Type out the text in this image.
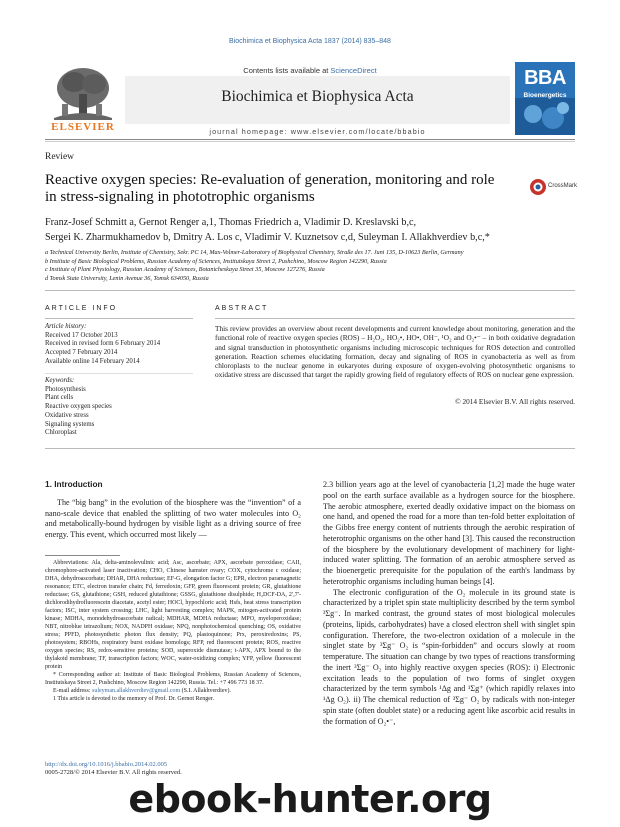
Biochimica et Biophysica Acta 1837 (2014) 835–848
Contents lists available at ScienceDirect
Biochimica et Biophysica Acta
journal homepage: www.elsevier.com/locate/bbabio
ELSEVIER
BBA
Bioenergetics
Review
Reactive oxygen species: Re-evaluation of generation, monitoring and role in stress-signaling in phototrophic organisms
CrossMark
Franz-Josef Schmitt a, Gernot Renger a,1, Thomas Friedrich a, Vladimir D. Kreslavski b,c,
Sergei K. Zharmukhamedov b, Dmitry A. Los c, Vladimir V. Kuznetsov c,d, Suleyman I. Allakhverdiev b,c,*
a Technical University Berlin, Institute of Chemistry, Sekr. PC 14, Max-Volmer-Laboratory of Biophysical Chemistry, Straße des 17. Juni 135, D-10623 Berlin, Germany
b Institute of Basic Biological Problems, Russian Academy of Sciences, Institutskaya Street 2, Pushchino, Moscow Region 142290, Russia
c Institute of Plant Physiology, Russian Academy of Sciences, Botanicheskaya Street 35, Moscow 127276, Russia
d Tomsk State University, Lenin Avenue 36, Tomsk 634050, Russia
ARTICLE INFO	ABSTRACT
Article history:
Received 17 October 2013
Received in revised form 6 February 2014
Accepted 7 February 2014
Available online 14 February 2014
Keywords:
Photosynthesis
Plant cells
Reactive oxygen species
Oxidative stress
Signaling systems
Chloroplast
This review provides an overview about recent developments and current knowledge about monitoring, generation and the functional role of reactive oxygen species (ROS) – H₂O₂, HO₂•, HO•, OH⁻, ¹O₂ and O₂•⁻ – in both oxidative degradation and signal transduction in photosynthetic organisms including microscopic techniques for ROS detection and controlled generation. Reaction schemes elucidating formation, decay and signaling of ROS in cyanobacteria as well as from chloroplasts to the nuclear genome in eukaryotes during exposure of oxygen-evolving photosynthetic organisms to oxidative stress are discussed that target the rapidly growing field of regulatory effects of ROS on nuclear gene expression.
© 2014 Elsevier B.V. All rights reserved.
1. Introduction
The “big bang” in the evolution of the biosphere was the “invention” of a nano-scale device that enabled the splitting of two water molecules into O₂ and metabolically-bound hydrogen by visible light as a driving source of free energy. This event, which occurred most likely —

Abbreviations: Ala, delta-aminolevulinic acid; Asc, ascorbate; APX, ascorbate peroxidase; CAII, chromophore-activated laser inactivation; CHO, Chinese hamster ovary; COX, cytochrome c oxidase; DHA, dehydroascorbate; DHAR, DHA reductase; EF-G, elongation factor G; EPR, electron paramagnetic resonance; ETC, electron transfer chain; Fd, ferredoxin; GFP, green fluorescent protein; GR, glutathione reductase; GS, glutathione; GSH, reduced glutathione; GSSG, glutathione disulphide; H₂DCF-DA, 2′,7′-dichlorodihydrofluorescein diacetate, acetyl ester; HOCl, hypochloric acid; Hsfs, heat stress transcription factors; ISC, inter system crossing; LHC, light harvesting complex; MAPK, mitogen-activated protein kinase; MDHA, monodehydroascorbate radical; MDHAR, MDHA reductase; MPO, myeloperoxidase; NBT, nitroblue tetrazolium; NOX, NADPH oxidase; NPQ, nonphotochemical quenching; OS, oxidative stress; PPFD, photosynthetic photon flux density; PQ, plastoquinone; Prx, peroxiredoxins; PS, photosystem; RBOHs, respiratory burst oxidase homologs; RFP, red fluorescent protein; ROS, reactive oxygen species; RS, redox-sensitive proteins; SOD, superoxide dismutase; t-APX, APX bound to the thylakoid membrane; TF, transcription factors; WOC, water-oxidizing complex; YFP, yellow fluorescent protein

* Corresponding author at: Institute of Basic Biological Problems, Russian Academy of Sciences, Institutskaya Street 2, Pushchino, Moscow Region 142290, Russia. Tel.: +7 496 773 18 37.

E-mail address: suleyman.allakhverdiev@gmail.com (S.I. Allakhverdiev).

1 This article is devoted to the memory of Prof. Dr. Gernot Renger.

2.3 billion years ago at the level of cyanobacteria [1,2] made the huge water pool on the earth surface available as a hydrogen source for the biosphere. The aerobic atmosphere, exerted deadly oxidative impact on the biomass on one hand, and opened the road for a more than ten-fold better exploitation of the Gibbs free energy content of nutrients through the aerobic respiration of heterotrophic organisms on the other hand [3]. This caused the reconstruction of the biosphere by the evolutionary development of machinery for light-induced water splitting. The formation of an aerobic atmosphere served as the bioenergetic prerequisite for the population of the earth's landmass by heterotrophic organisms including human beings [4].

The electronic configuration of the O₂ molecule in its ground state is characterized by a triplet spin state multiplicity described by the term symbol ³Σg⁻. In marked contrast, the ground states of most biological molecules (proteins, lipids, carbohydrates) have a closed electron shell with singlet spin configuration. Therefore, the two-electron oxidation of a molecule in the singlet state by ³Σg⁻ O₂ is “spin-forbidden” and occurs slowly at room temperature. The situation can change by two types of reactions transforming the inert ³Σg⁻ O₂ into highly reactive oxygen species (ROS): i) Electronic excitation leads to the population of two forms of singlet oxygen characterized by the term symbols ¹Δg and ¹Σg⁺ (which rapidly relaxes into ¹Δg O₂). ii) The chemical reduction of ³Σg⁻ O₂ by radicals with non-integer spin state (often doublet state) or a reducing agent like ascorbic acid results in the formation of O₂•⁻,

http://dx.doi.org/10.1016/j.bbabio.2014.02.005
0005-2728/© 2014 Elsevier B.V. All rights reserved.
ebook-hunter.org
